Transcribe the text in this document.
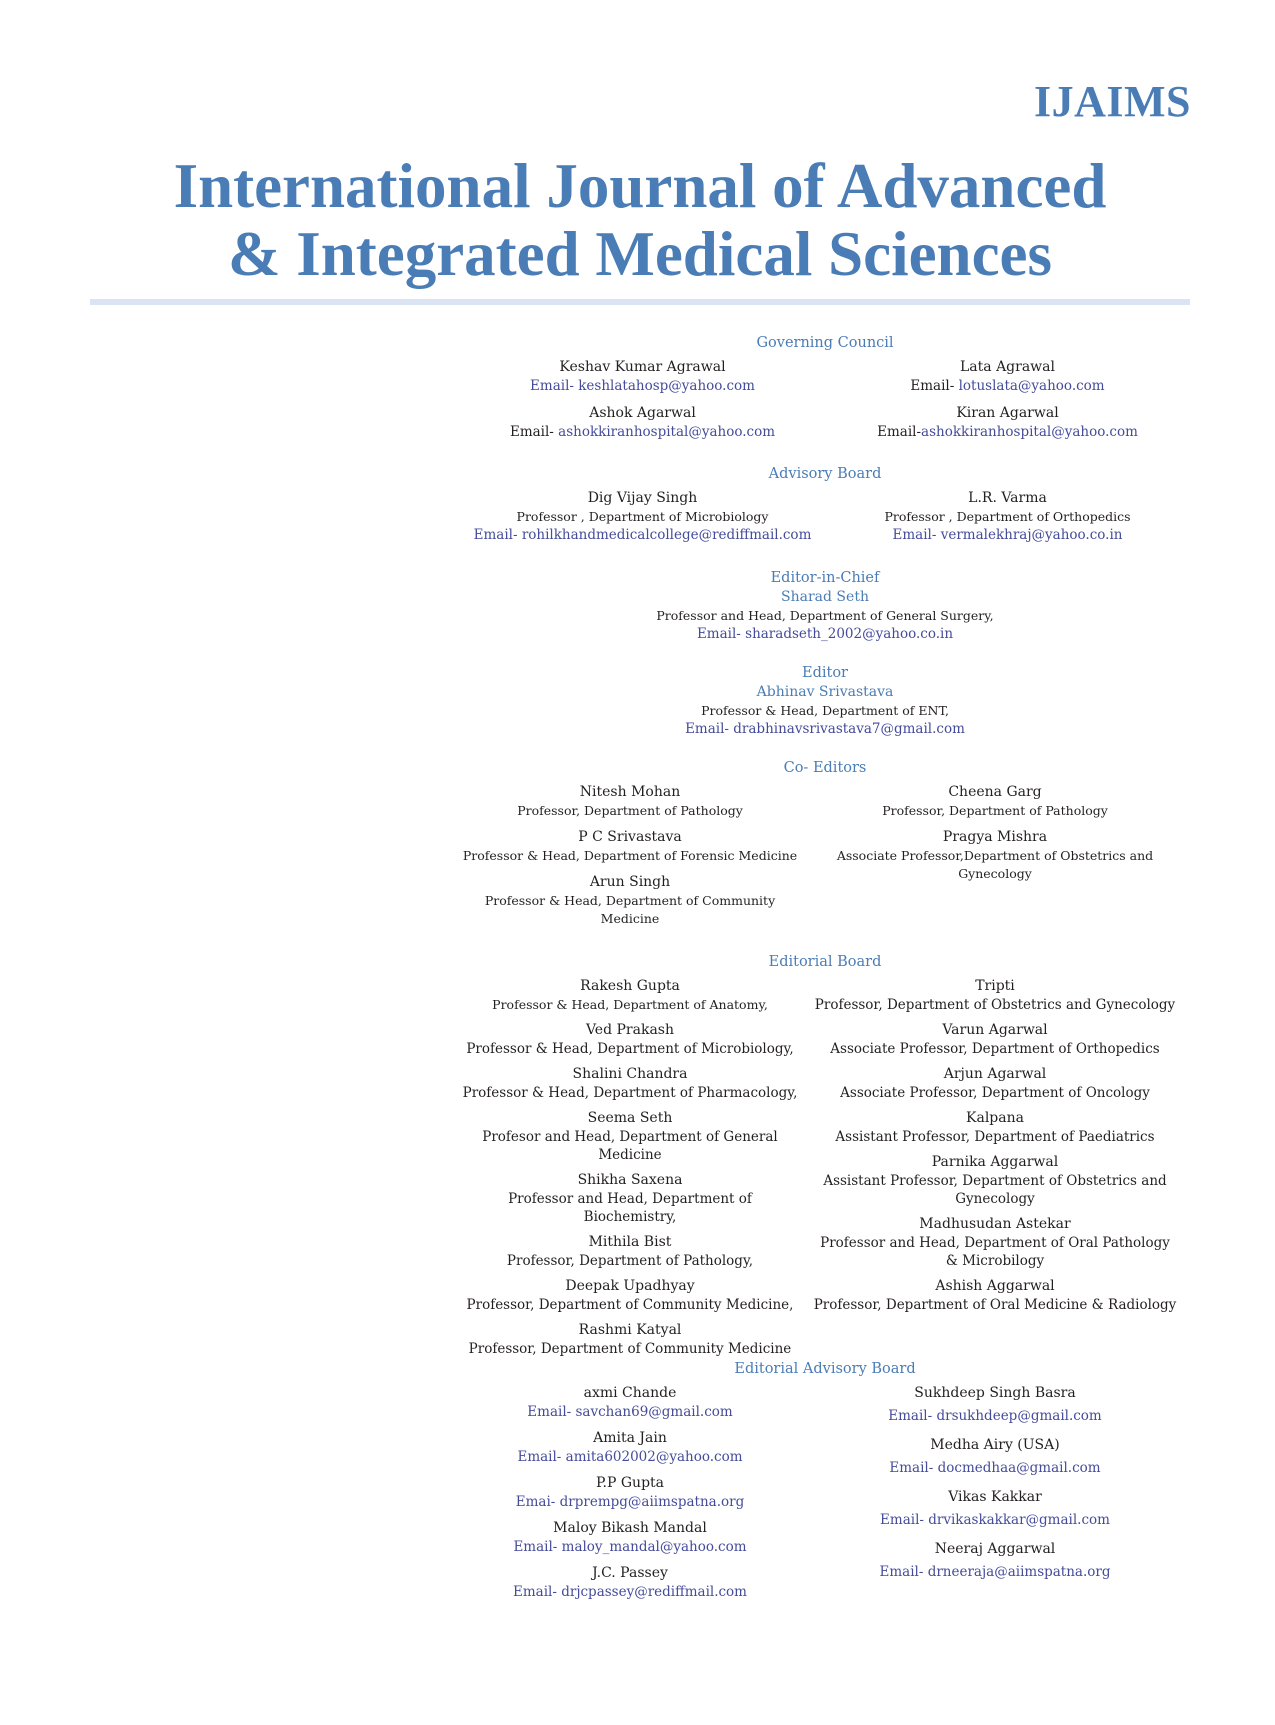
IJAIMS
International Journal of Advanced
& Integrated Medical Sciences
Governing Council
Keshav Kumar Agrawal
Email- keshlatahosp@yahoo.com
Ashok Agarwal
Email- ashokkiranhospital@yahoo.com
Lata Agrawal
Email- lotuslata@yahoo.com
Kiran Agarwal
Email-ashokkiranhospital@yahoo.com
Advisory Board
Dig Vijay Singh
Professor , Department of Microbiology
Email- rohilkhandmedicalcollege@rediffmail.com
L.R. Varma
Professor , Department of Orthopedics
Email- vermalekhraj@yahoo.co.in
Editor-in-Chief
Sharad Seth
Professor and Head, Department of General Surgery,
Email- sharadseth_2002@yahoo.co.in
Editor
Abhinav Srivastava
Professor & Head, Department of ENT,
Email- drabhinavsrivastava7@gmail.com
Co- Editors
Nitesh Mohan
Professor, Department of Pathology
P C Srivastava
Professor & Head, Department of Forensic Medicine
Arun Singh
Professor & Head, Department of Community Medicine
Cheena Garg
Professor, Department of Pathology
Pragya Mishra
Associate Professor,Department of Obstetrics and Gynecology
Editorial Board
Rakesh Gupta
Professor & Head, Department of Anatomy,
Ved Prakash
Professor & Head, Department of Microbiology,
Shalini Chandra
Professor & Head, Department of Pharmacology,
Seema Seth
Profesor and Head, Department of General Medicine
Shikha Saxena
Professor and Head, Department of Biochemistry,
Mithila Bist
Professor, Department of Pathology,
Deepak Upadhyay
Professor, Department of Community Medicine,
Rashmi Katyal
Professor, Department of Community Medicine
Tripti
Professor, Department of Obstetrics and Gynecology
Varun Agarwal
Associate Professor, Department of Orthopedics
Arjun Agarwal
Associate Professor, Department of Oncology
Kalpana
Assistant Professor, Department of Paediatrics
Parnika Aggarwal
Assistant Professor, Department of Obstetrics and Gynecology
Madhusudan Astekar
Professor and Head, Department of Oral Pathology & Microbilogy
Ashish Aggarwal
Professor, Department of Oral Medicine & Radiology
Editorial Advisory Board
axmi Chande
Email- savchan69@gmail.com
Amita Jain
Email- amita602002@yahoo.com
P.P Gupta
Emai- drprempg@aiimspatna.org
Maloy Bikash Mandal
Email- maloy_mandal@yahoo.com
J.C. Passey
Email- drjcpassey@rediffmail.com
Sukhdeep Singh Basra
Email- drsukhdeep@gmail.com
Medha Airy (USA)
Email- docmedhaa@gmail.com
Vikas Kakkar
Email- drvikaskakkar@gmail.com
Neeraj Aggarwal
Email- drneeraja@aiimspatna.org
